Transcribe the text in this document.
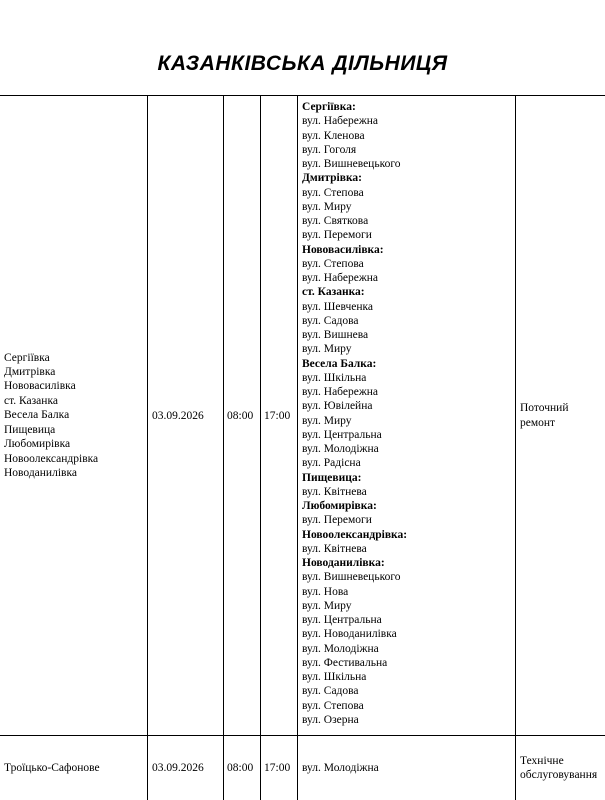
КАЗАНКІВСЬКА ДІЛЬНИЦЯ
Сергіївка
Дмитрівка
Нововасилівка
ст. Казанка
Весела Балка
Пищевица
Любомирівка
Новоолександрівка
Новоданилівка
03.09.2026 08:00 17:00
Сергіївка:
вул. Набережна
вул. Кленова
вул. Гоголя
вул. Вишневецького
Дмитрівка:
вул. Степова
вул. Миру
вул. Святкова
вул. Перемоги
Нововасилівка:
вул. Степова
вул. Набережна
ст. Казанка:
вул. Шевченка
вул. Садова
вул. Вишнева
вул. Миру
Весела Балка:
вул. Шкільна
вул. Набережна
вул. Ювілейна
вул. Миру
вул. Центральна
вул. Молодіжна
вул. Радісна
Пищевица:
вул. Квітнева
Любомирівка:
вул. Перемоги
Новоолександрівка:
вул. Квітнева
Новоданилівка:
вул. Вишневецького
вул. Нова
вул. Миру
вул. Центральна
вул. Новоданилівка
вул. Молодіжна
вул. Фестивальна
вул. Шкільна
вул. Садова
вул. Степова
вул. Озерна
Поточний
ремонт
Троїцько-Сафонове	03.09.2026 08:00 17:00 вул. Молодіжна
Технічне
обслуговування
